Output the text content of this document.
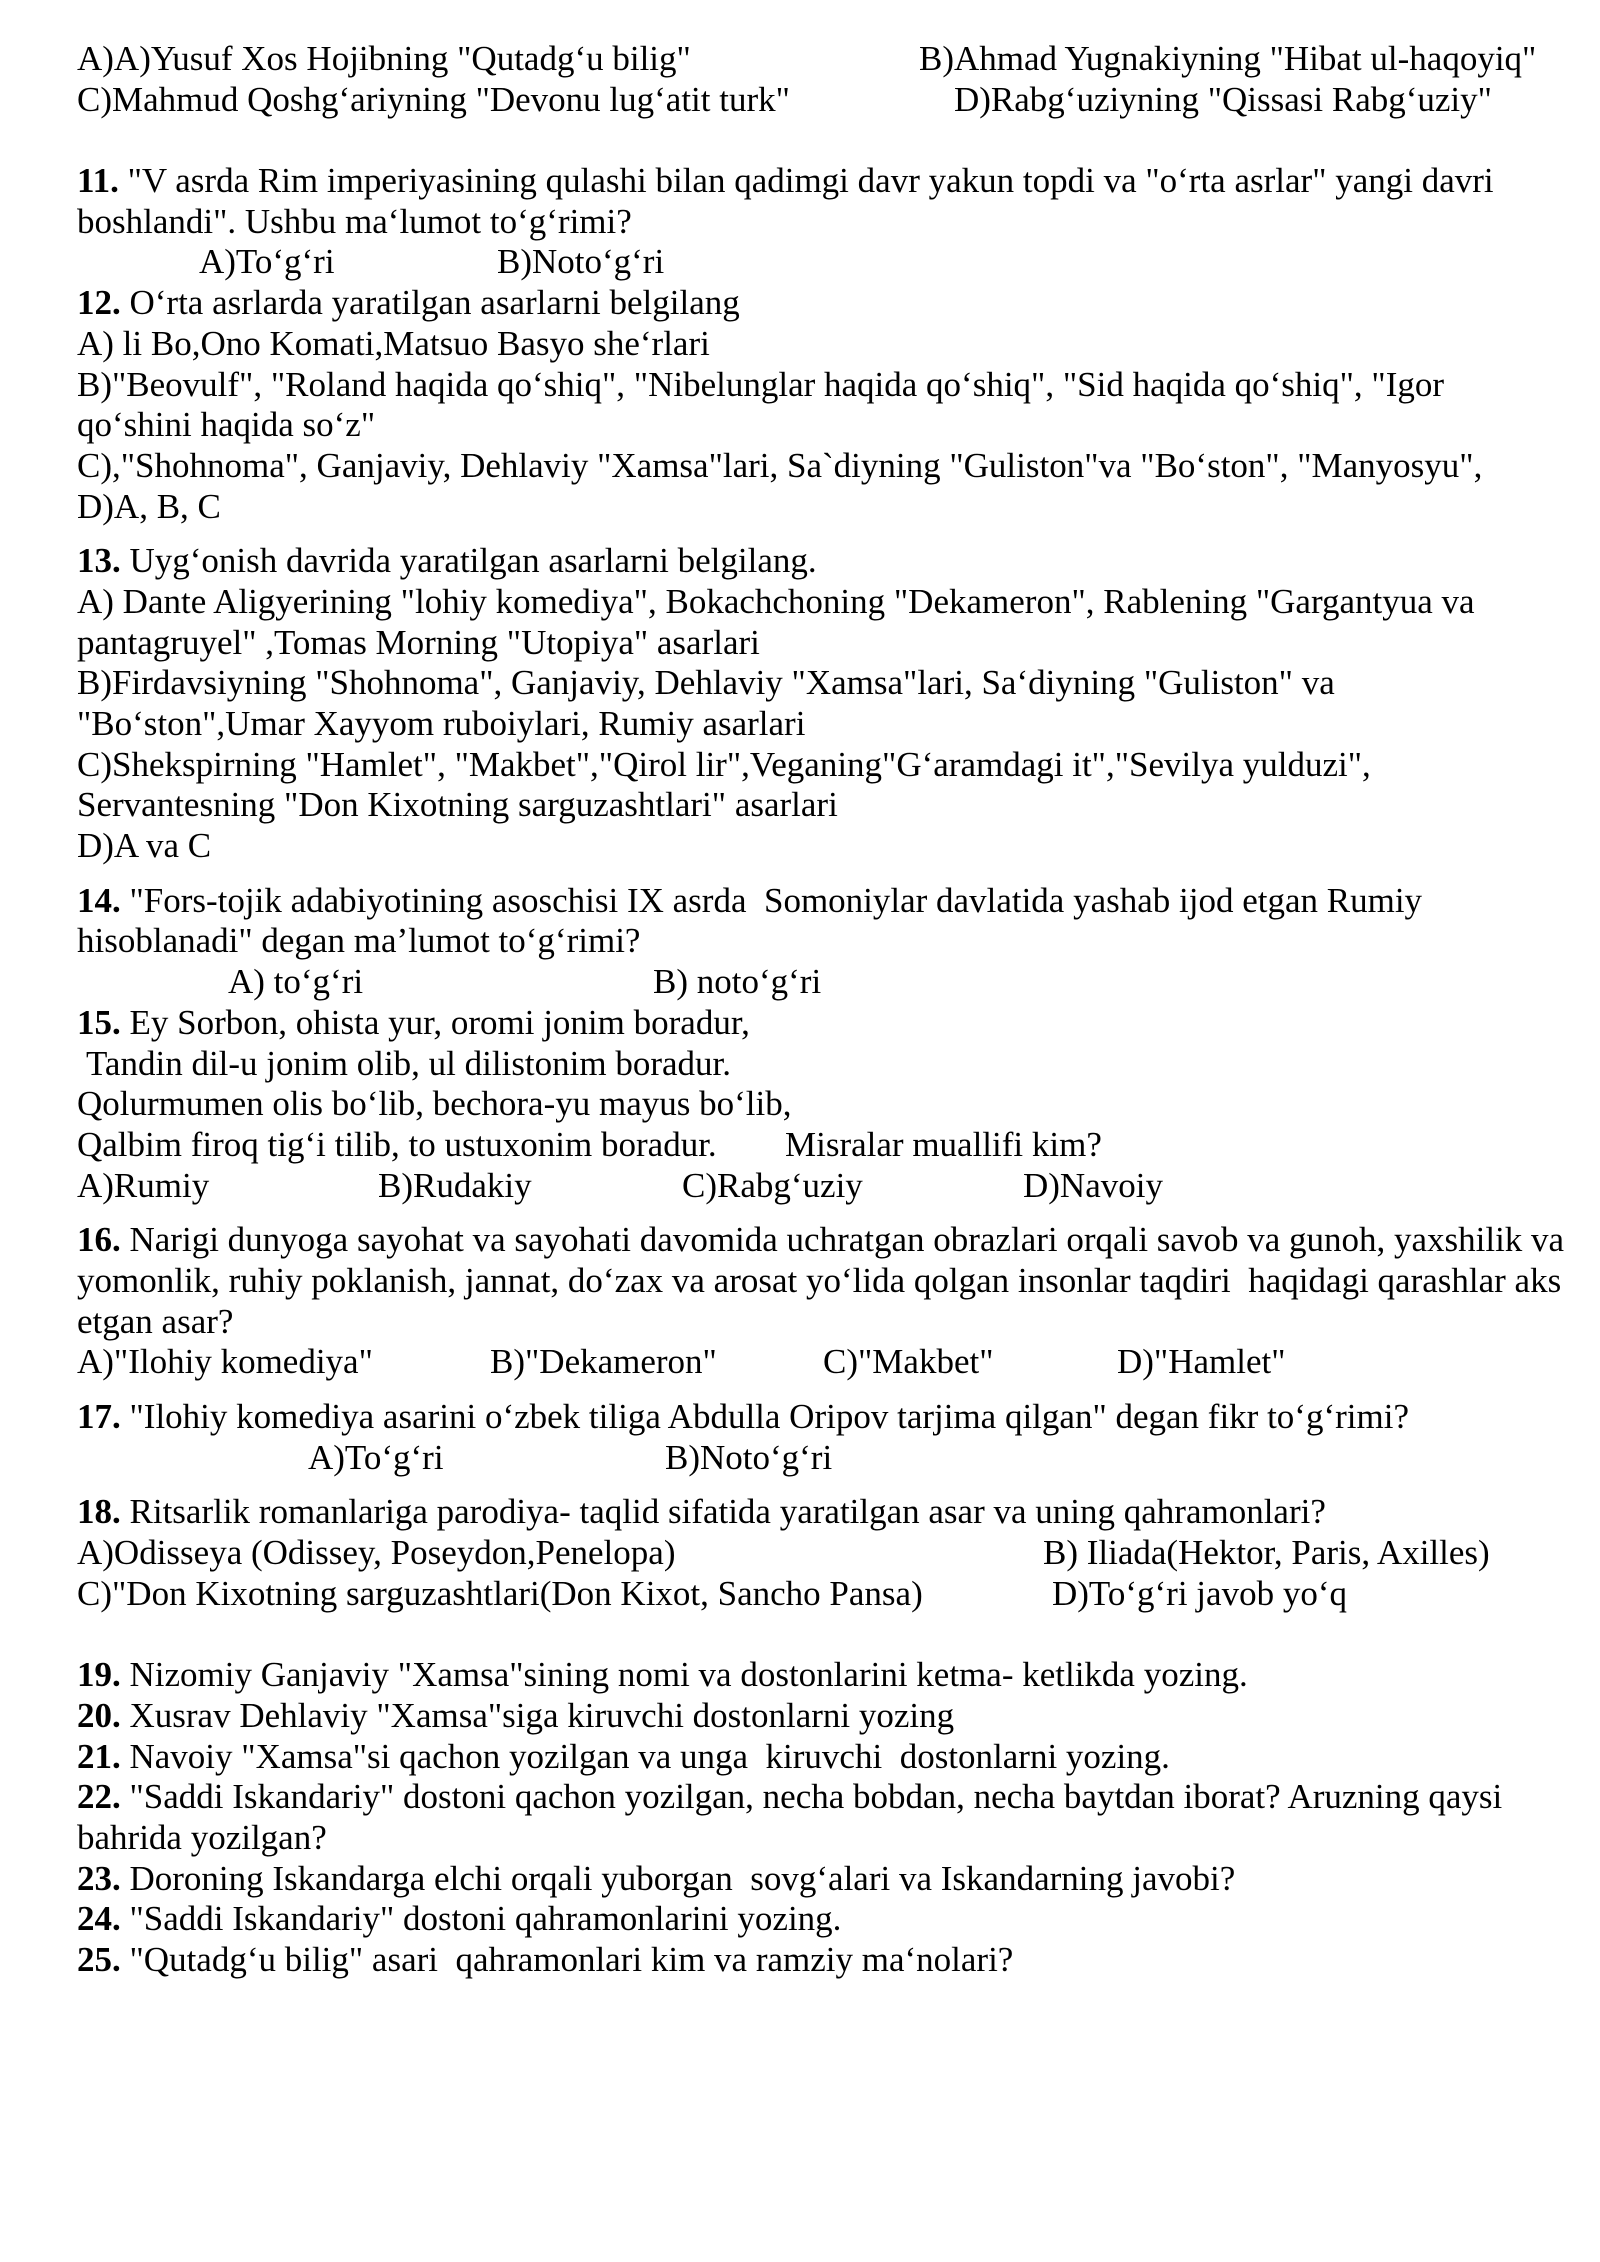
A)A)Yusuf Xos Hojibning "Qutadg‘u bilig"	B)Ahmad Yugnakiyning "Hibat ul-haqoyiq"
C)Mahmud Qoshg‘ariyning "Devonu lug‘atit turk"	D)Rabg‘uziyning "Qissasi Rabg‘uziy"
11. "V asrda Rim imperiyasining qulashi bilan qadimgi davr yakun topdi va "o‘rta asrlar" yangi davri
boshlandi". Ushbu ma‘lumot to‘g‘rimi?
A)To‘g‘ri	B)Noto‘g‘ri
12. O‘rta asrlarda yaratilgan asarlarni belgilang
A) li Bo,Ono Komati,Matsuo Basyo she‘rlari
B)"Beovulf", "Roland haqida qo‘shiq", "Nibelunglar haqida qo‘shiq", "Sid haqida qo‘shiq", "Igor
qo‘shini haqida so‘z"
C),"Shohnoma", Ganjaviy, Dehlaviy "Xamsa"lari, Sa`diyning "Guliston"va "Bo‘ston", "Manyosyu",
D)A, B, C
13. Uyg‘onish davrida yaratilgan asarlarni belgilang.
A) Dante Aligyerining "lohiy komediya", Bokachchoning "Dekameron", Rablening "Gargantyua va
pantagruyel" ,Tomas Morning "Utopiya" asarlari
B)Firdavsiyning "Shohnoma", Ganjaviy, Dehlaviy "Xamsa"lari, Sa‘diyning "Guliston" va
"Bo‘ston",Umar Xayyom ruboiylari, Rumiy asarlari
C)Shekspirning "Hamlet", "Makbet","Qirol lir",Veganing"G‘aramdagi it","Sevilya yulduzi",
Servantesning "Don Kixotning sarguzashtlari" asarlari
D)A va C
14. "Fors-tojik adabiyotining asoschisi IX asrda  Somoniylar davlatida yashab ijod etgan Rumiy
hisoblanadi" degan ma’lumot to‘g‘rimi?
A) to‘g‘ri	B) noto‘g‘ri
15. Ey Sorbon, ohista yur, oromi jonim boradur,
Tandin dil-u jonim olib, ul dilistonim boradur.
Qolurmumen olis bo‘lib, bechora-yu mayus bo‘lib,
Qalbim firoq tig‘i tilib, to ustuxonim boradur. Misralar muallifi kim?
A)Rumiy	B)Rudakiy	C)Rabg‘uziy	D)Navoiy
16. Narigi dunyoga sayohat va sayohati davomida uchratgan obrazlari orqali savob va gunoh, yaxshilik va
yomonlik, ruhiy poklanish, jannat, do‘zax va arosat yo‘lida qolgan insonlar taqdiri  haqidagi qarashlar aks
etgan asar?
A)"Ilohiy komediya"	B)"Dekameron"	C)"Makbet"	D)"Hamlet"
17. "Ilohiy komediya asarini o‘zbek tiliga Abdulla Oripov tarjima qilgan" degan fikr to‘g‘rimi?
A)To‘g‘ri	B)Noto‘g‘ri
18. Ritsarlik romanlariga parodiya- taqlid sifatida yaratilgan asar va uning qahramonlari?
A)Odisseya (Odissey, Poseydon,Penelopa)	B) Iliada(Hektor, Paris, Axilles)
C)"Don Kixotning sarguzashtlari(Don Kixot, Sancho Pansa)	D)To‘g‘ri javob yo‘q
19. Nizomiy Ganjaviy "Xamsa"sining nomi va dostonlarini ketma- ketlikda yozing.
20. Xusrav Dehlaviy "Xamsa"siga kiruvchi dostonlarni yozing
21. Navoiy "Xamsa"si qachon yozilgan va unga  kiruvchi  dostonlarni yozing.
22. "Saddi Iskandariy" dostoni qachon yozilgan, necha bobdan, necha baytdan iborat? Aruzning qaysi
bahrida yozilgan?
23. Doroning Iskandarga elchi orqali yuborgan  sovg‘alari va Iskandarning javobi?
24. "Saddi Iskandariy" dostoni qahramonlarini yozing.
25. "Qutadg‘u bilig" asari  qahramonlari kim va ramziy ma‘nolari?
